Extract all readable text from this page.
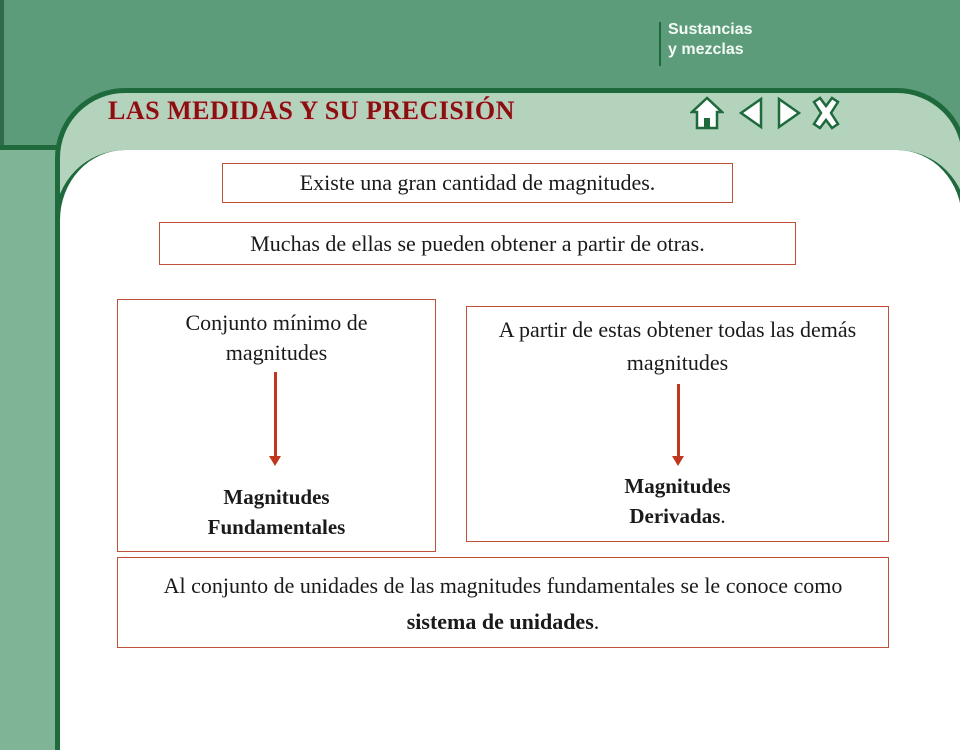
Sustancias
y mezclas
LAS MEDIDAS Y SU PRECISIÓN
Existe una gran cantidad de magnitudes.
Muchas de ellas se pueden obtener a partir de otras.
Conjunto mínimo de magnitudes
Magnitudes
Fundamentales
A partir de estas obtener todas las demás magnitudes
Magnitudes
Derivadas.
Al conjunto de unidades de las magnitudes fundamentales se le conoce como sistema de unidades.
